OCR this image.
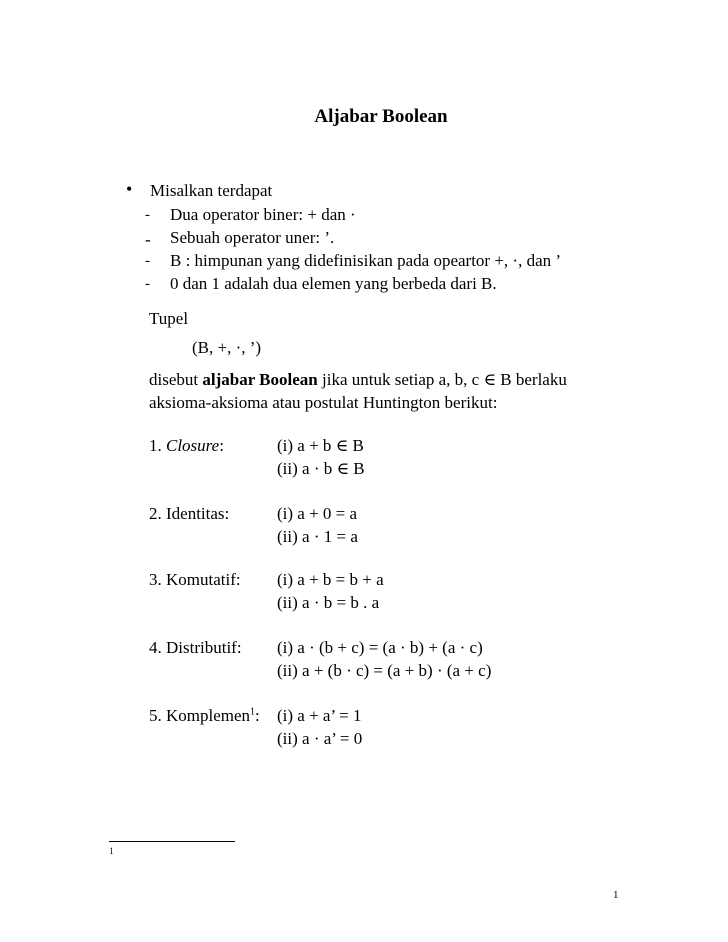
Aljabar Boolean
• Misalkan terdapat
- Dua operator biner: + dan ·
- Sebuah operator uner: ’.
- B : himpunan yang didefinisikan pada opeartor +, ·, dan ’
- 0 dan 1 adalah dua elemen yang berbeda dari B.
Tupel
(B, +, ·, ’)
disebut aljabar Boolean jika untuk setiap a, b, c ∈ B berlaku
aksioma-aksioma atau postulat Huntington berikut:
1. Closure:	(i) a + b ∈ B
(ii) a · b ∈ B
2. Identitas:	(i) a + 0 = a
(ii) a · 1 = a
3. Komutatif: (i) a + b = b + a
(ii) a · b = b . a
4. Distributif: (i) a · (b + c) = (a · b) + (a · c)
(ii) a + (b · c) = (a + b) · (a + c)
5. Komplemen$^1$: (i) a + a’ = 1
(ii) a · a’ = 0
1
1
